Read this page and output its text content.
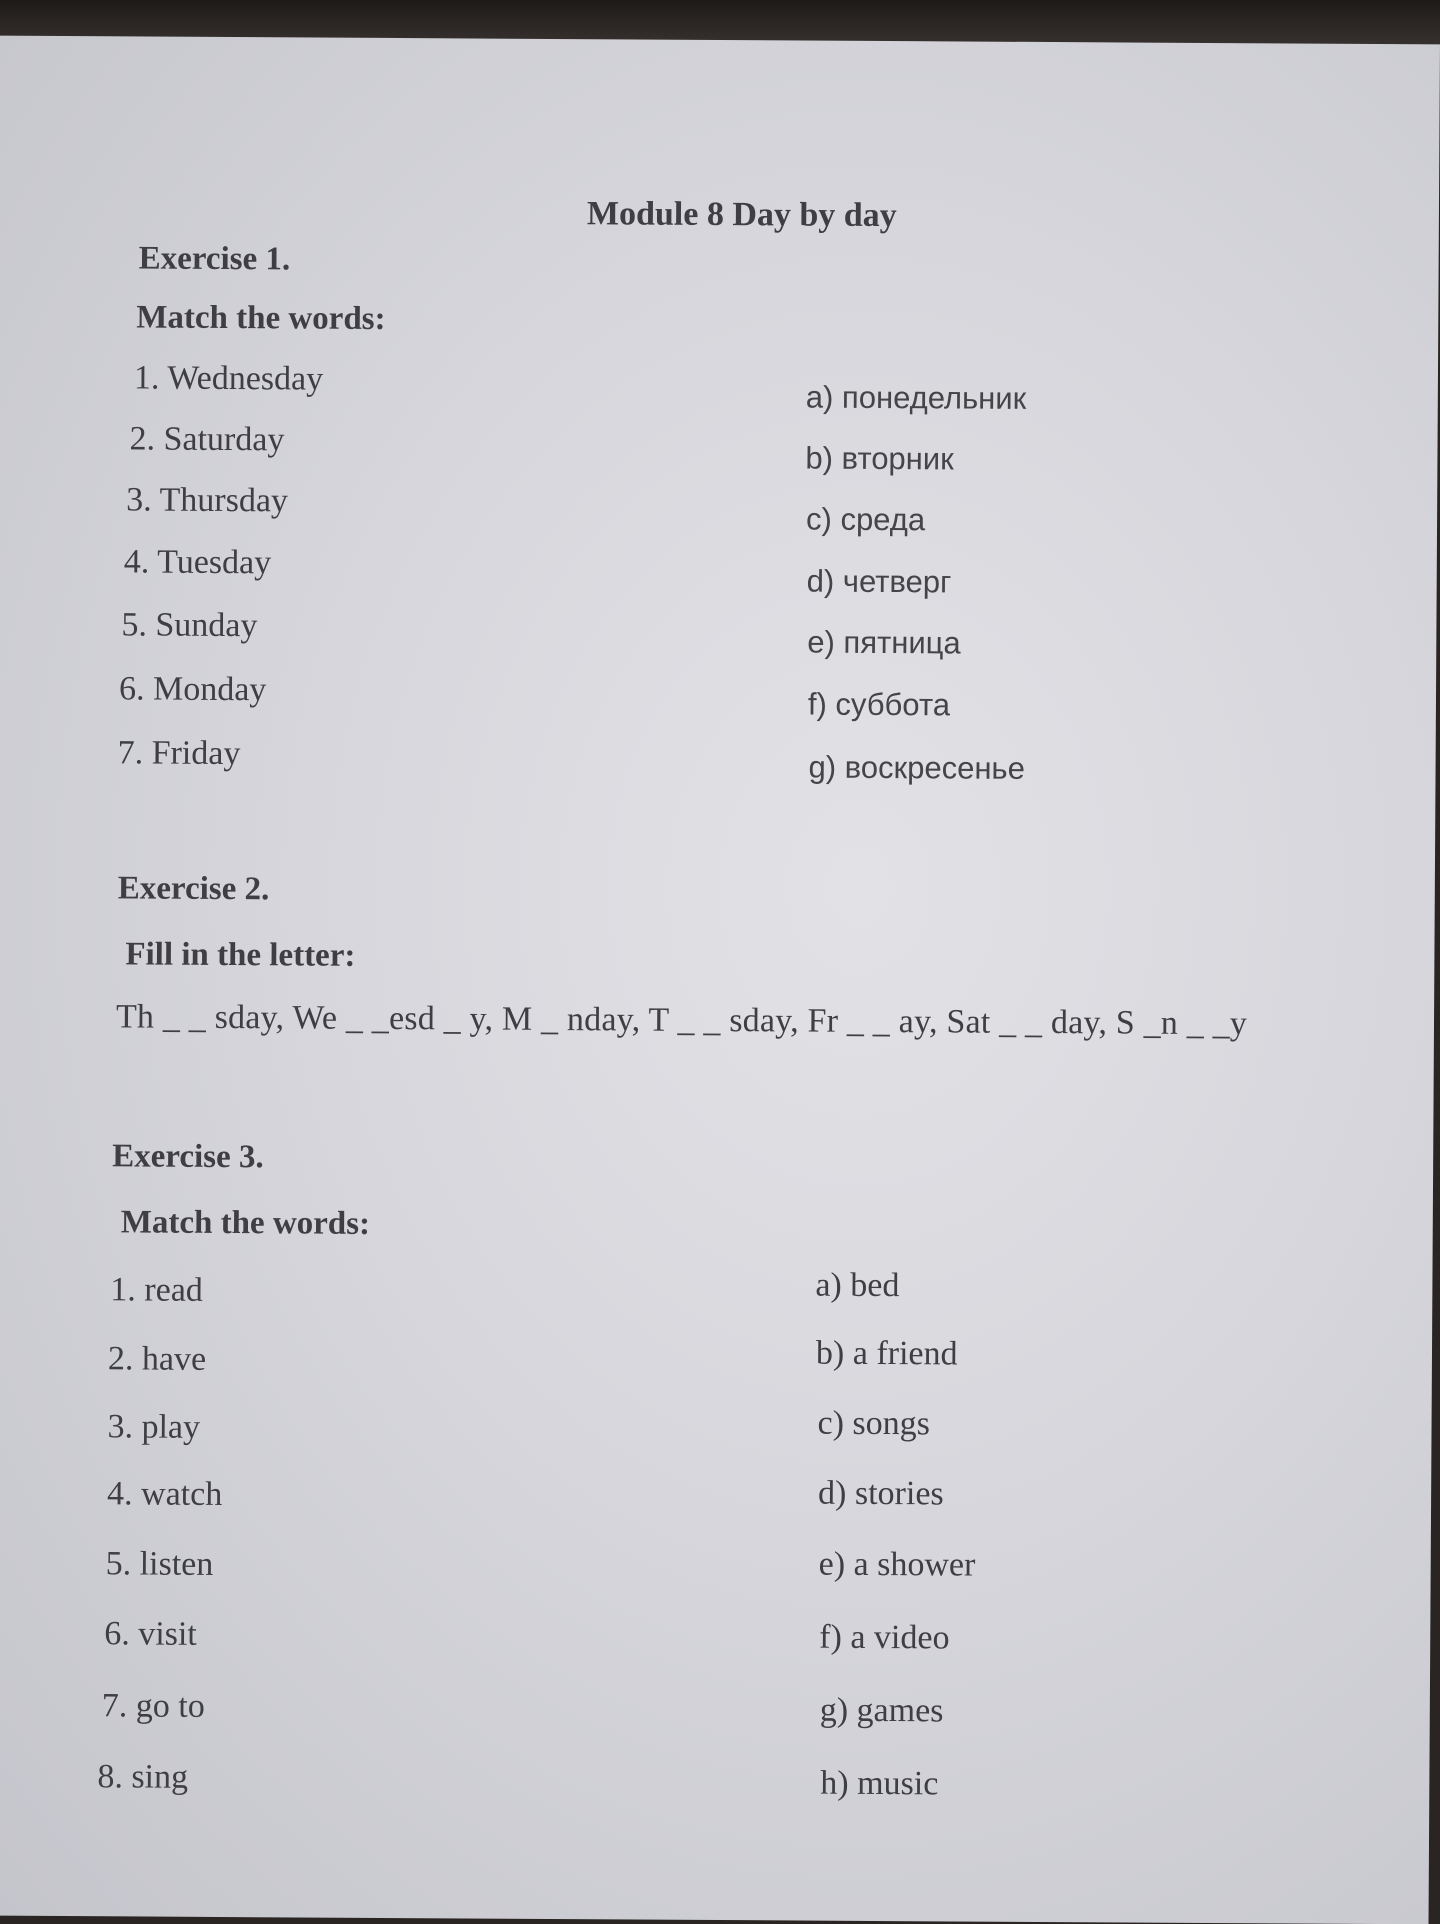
Module 8 Day by day
Exercise 1.
Match the words:
1. Wednesday
2. Saturday
3. Thursday
4. Tuesday
5. Sunday
6. Monday
7. Friday
a) понедельник
b) вторник
c) среда
d) четверг
e) пятница
f) суббота
g) воскресенье
Exercise 2.
Fill in the letter:
Th _ _ sday, We _ _esd _ y, M _ nday, T _ _ sday, Fr _ _ ay, Sat _ _ day, S _n _ _y
Exercise 3.
Match the words:
1. read
2. have
3. play
4. watch
5. listen
6. visit
7. go to
8. sing
a) bed
b) a friend
c) songs
d) stories
e) a shower
f) a video
g) games
h) music
